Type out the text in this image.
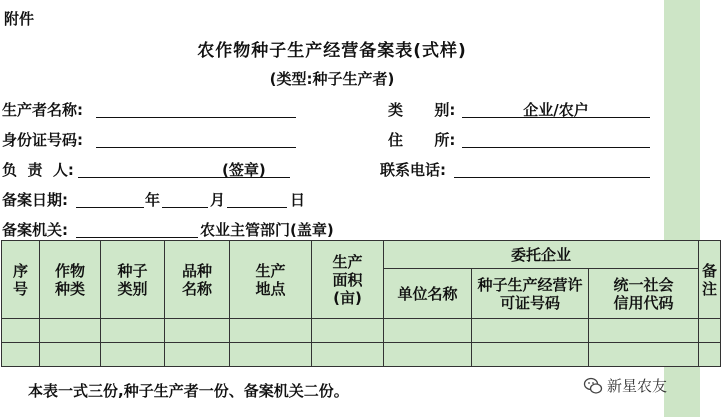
附件
农作物种子生产经营备案表(式样)
(类型:种子生产者)
生产者名称:	类      别:	企业/农户
身份证号码:	住      所:
负  责  人:	(签章)	联系电话:
备案日期:	年	月	日
备案机关:	农业主管部门(盖章)
序号	作物种类	种子类别	品种名称	生产地点	生产面积(亩)	委托企业			备注

						单位名称	种子生产经营许可证号码	统一社会信用代码	

本表一式三份,种子生产者一份、备案机关二份。	新星农友
